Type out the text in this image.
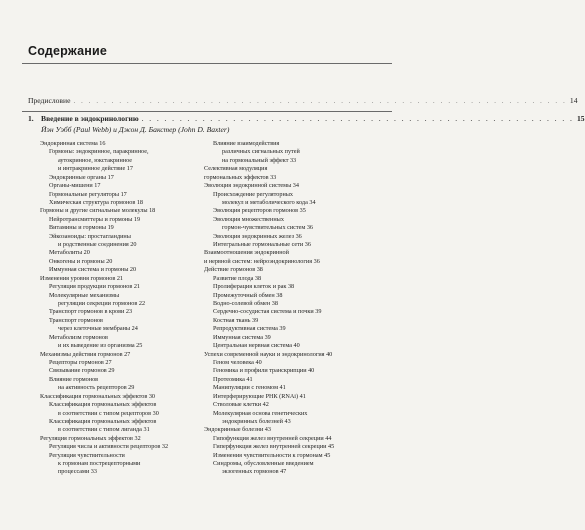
Содержание
Предисловие . . . . . . . . . . . . . . . . . . . . . . . . . . . . . . . . . . . . . . . . . . . . . . . . . . . . . . . . . . . . . . . . . 14
1. Введение в эндокринологию . . . . . . . . . . . . . . . . . . . . . . . . . . . . . . . . . . . . . . . . . . . . . . . . . . . . . . . . . 15
Йэн Уэбб (Paul Webb) и Джон Д. Бакстер (John D. Baxter)
Эндокринная система 16
Гормоны: эндокринное, паракринное,
аутокринное, юкстакринное
и интракринное действие 17
Эндокринные органы 17
Органы-мишени 17
Гормональные регуляторы 17
Химическая структура гормонов 18
Гормоны и другие сигнальные молекулы 18
Нейротрансмиттеры и гормоны 19
Витамины и гормоны 19
Эйкозаноиды: простагландины
и родственные соединения 20
Метаболиты 20
Онкогены и гормоны 20
Иммунная система и гормоны 20
Изменения уровня гормонов 21
Регуляция продукции гормонов 21
Молекулярные механизмы
регуляции секреции гормонов 22
Транспорт гормонов в крови 23
Транспорт гормонов
через клеточные мембраны 24
Метаболизм гормонов
и их выведение из организма 25
Механизмы действия гормонов 27
Рецепторы гормонов 27
Связывание гормонов 29
Влияние гормонов
на активность рецепторов 29
Классификация гормональных эффектов 30
Классификация гормональных эффектов
в соответствии с типом рецепторов 30
Классификация гормональных эффектов
в соответствии с типом лиганда 31
Регуляция гормональных эффектов 32
Регуляция числа и активности рецепторов 32
Регуляция чувствительности
к гормонам пострецепторными
процессами 33
Влияние взаимодействия
различных сигнальных путей
на гормональный эффект 33
Селективная модуляция
гормональных эффектов 33
Эволюция эндокринной системы 34
Происхождение регуляторных
молекул и метаболического кода 34
Эволюция рецепторов гормонов 35
Эволюция множественных
гормон-чувствительных систем 36
Эволюция эндокринных желез 36
Интегральные гормональные сети 36
Взаимоотношения эндокринной
и нервной систем: нейроэндокринология 36
Действие гормонов 38
Развитие плода 38
Пролиферация клеток и рак 38
Промежуточный обмен 38
Водно-солевой обмен 38
Сердечно-сосудистая система и почки 39
Костная ткань 39
Репродуктивная система 39
Иммунная система 39
Центральная нервная система 40
Успехи современной науки и эндокринология 40
Геном человека 40
Геномика и профили транскрипции 40
Протеомика 41
Манипуляции с геномом 41
Интерферирующие РНК (RNAi) 41
Стволовые клетки 42
Молекулярная основа генетических
эндокринных болезней 43
Эндокринные болезни 43
Гипофункция желез внутренней секреции 44
Гиперфункция желез внутренней секреции 45
Изменения чувствительности к гормонам 45
Синдромы, обусловленные введением
экзогенных гормонов 47
